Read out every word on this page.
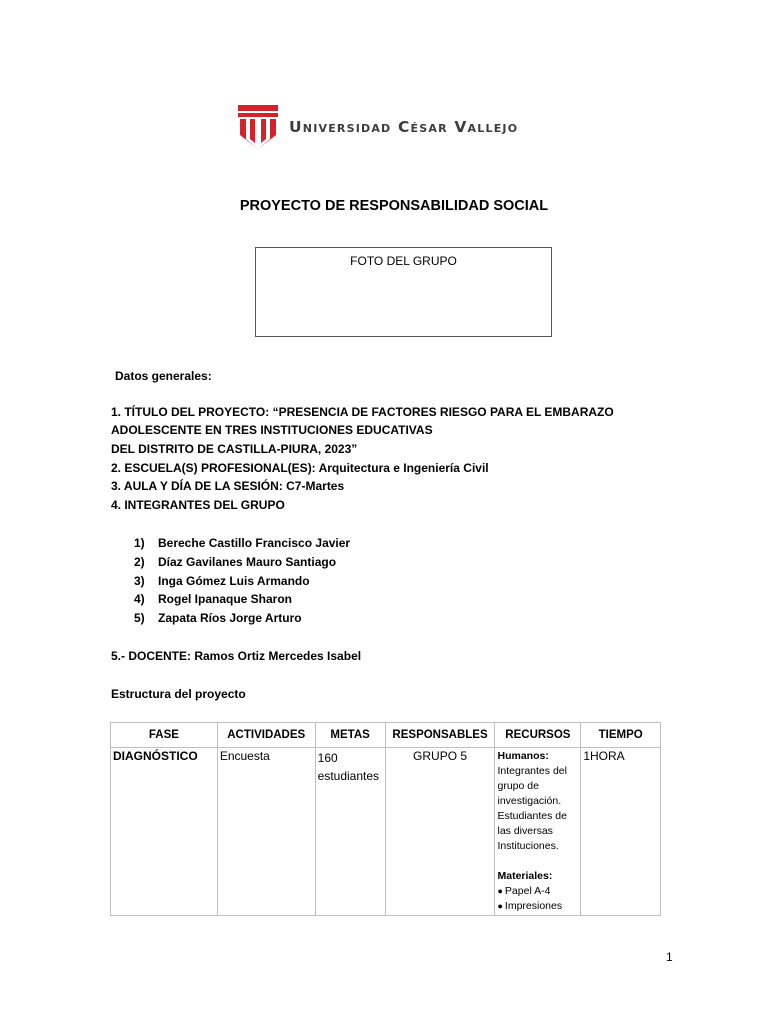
Universidad César Vallejo
PROYECTO DE RESPONSABILIDAD SOCIAL
FOTO DEL GRUPO
Datos generales:
1. TÍTULO DEL PROYECTO: “PRESENCIA DE FACTORES RIESGO PARA EL EMBARAZO
ADOLESCENTE EN TRES INSTITUCIONES EDUCATIVAS
DEL DISTRITO DE CASTILLA-PIURA, 2023”
2. ESCUELA(S) PROFESIONAL(ES): Arquitectura e Ingeniería Civil
3. AULA Y DÍA DE LA SESIÓN: C7-Martes
4. INTEGRANTES DEL GRUPO
1) Bereche Castillo Francisco Javier
2) Díaz Gavilanes Mauro Santiago
3) Inga Gómez Luis Armando
4) Rogel Ipanaque Sharon
5) Zapata Ríos Jorge Arturo
5.- DOCENTE: Ramos Ortiz Mercedes Isabel
Estructura del proyecto
FASE	ACTIVIDADES	METAS	RESPONSABLES	RECURSOS	TIEMPO
DIAGNÓSTICO	Encuesta	160 estudiantes	GRUPO 5	Humanos:
Integrantes del grupo de investigación. Estudiantes de las diversas Instituciones.
Materiales:
● Papel A-4
● Impresiones	1HORA
1
